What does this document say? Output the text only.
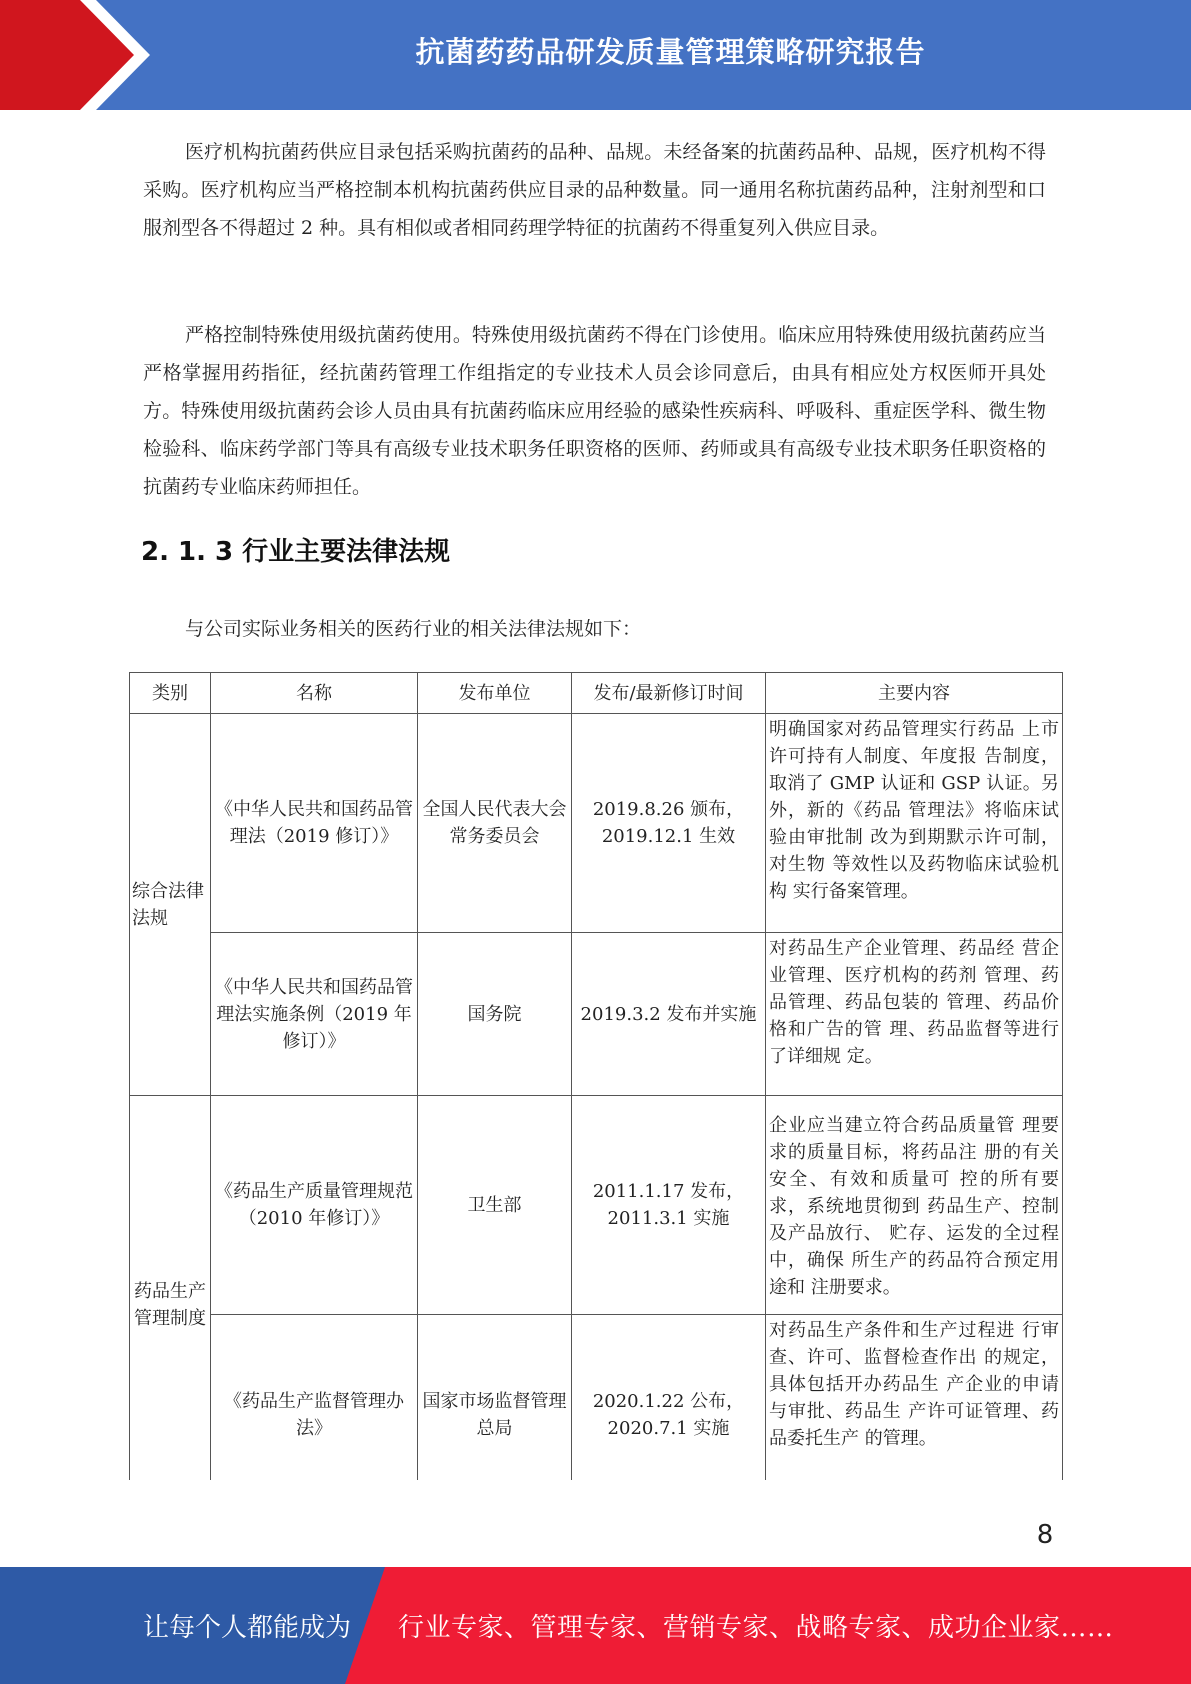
抗菌药药品研发质量管理策略研究报告

医疗机构抗菌药供应目录包括采购抗菌药的品种、品规。未经备案的抗菌药品种、品规，医疗机构不得采购。医疗机构应当严格控制本机构抗菌药供应目录的品种数量。同一通用名称抗菌药品种，注射剂型和口服剂型各不得超过 2 种。具有相似或者相同药理学特征的抗菌药不得重复列入供应目录。

严格控制特殊使用级抗菌药使用。特殊使用级抗菌药不得在门诊使用。临床应用特殊使用级抗菌药应当严格掌握用药指征，经抗菌药管理工作组指定的专业技术人员会诊同意后，由具有相应处方权医师开具处方。特殊使用级抗菌药会诊人员由具有抗菌药临床应用经验的感染性疾病科、呼吸科、重症医学科、微生物检验科、临床药学部门等具有高级专业技术职务任职资格的医师、药师或具有高级专业技术职务任职资格的抗菌药专业临床药师担任。

2. 1. 3 行业主要法律法规

与公司实际业务相关的医药行业的相关法律法规如下：

类别	名称	发布单位	发布/最新修订时间	主要内容
综合法律法规	《中华人民共和国药品管理法（2019 修订）》	全国人民代表大会常务委员会	2019.8.26 颁布，2019.12.1 生效	明确国家对药品管理实行药品 上市许可持有人制度、年度报 告制度，取消了 GMP 认证和 GSP 认证。另外，新的《药品 管理法》将临床试验由审批制 改为到期默示许可制，对生物 等效性以及药物临床试验机构 实行备案管理。
	《中华人民共和国药品管理法实施条例（2019 年修订）》	国务院	2019.3.2 发布并实施	对药品生产企业管理、药品经 营企业管理、医疗机构的药剂 管理、药品管理、药品包装的 管理、药品价格和广告的管 理、药品监督等进行了详细规 定。
药品生产管理制度	《药品生产质量管理规范（2010 年修订）》	卫生部	2011.1.17 发布，2011.3.1 实施	企业应当建立符合药品质量管 理要求的质量目标，将药品注 册的有关安全、有效和质量可 控的所有要求，系统地贯彻到 药品生产、控制及产品放行、 贮存、运发的全过程中，确保 所生产的药品符合预定用途和 注册要求。
	《药品生产监督管理办法》	国家市场监督管理总局	2020.1.22 公布，2020.7.1 实施	对药品生产条件和生产过程进 行审查、许可、监督检查作出 的规定，具体包括开办药品生 产企业的申请与审批、药品生 产许可证管理、药品委托生产 的管理。
8
让每个人都能成为 行业专家、管理专家、营销专家、战略专家、成功企业家……
